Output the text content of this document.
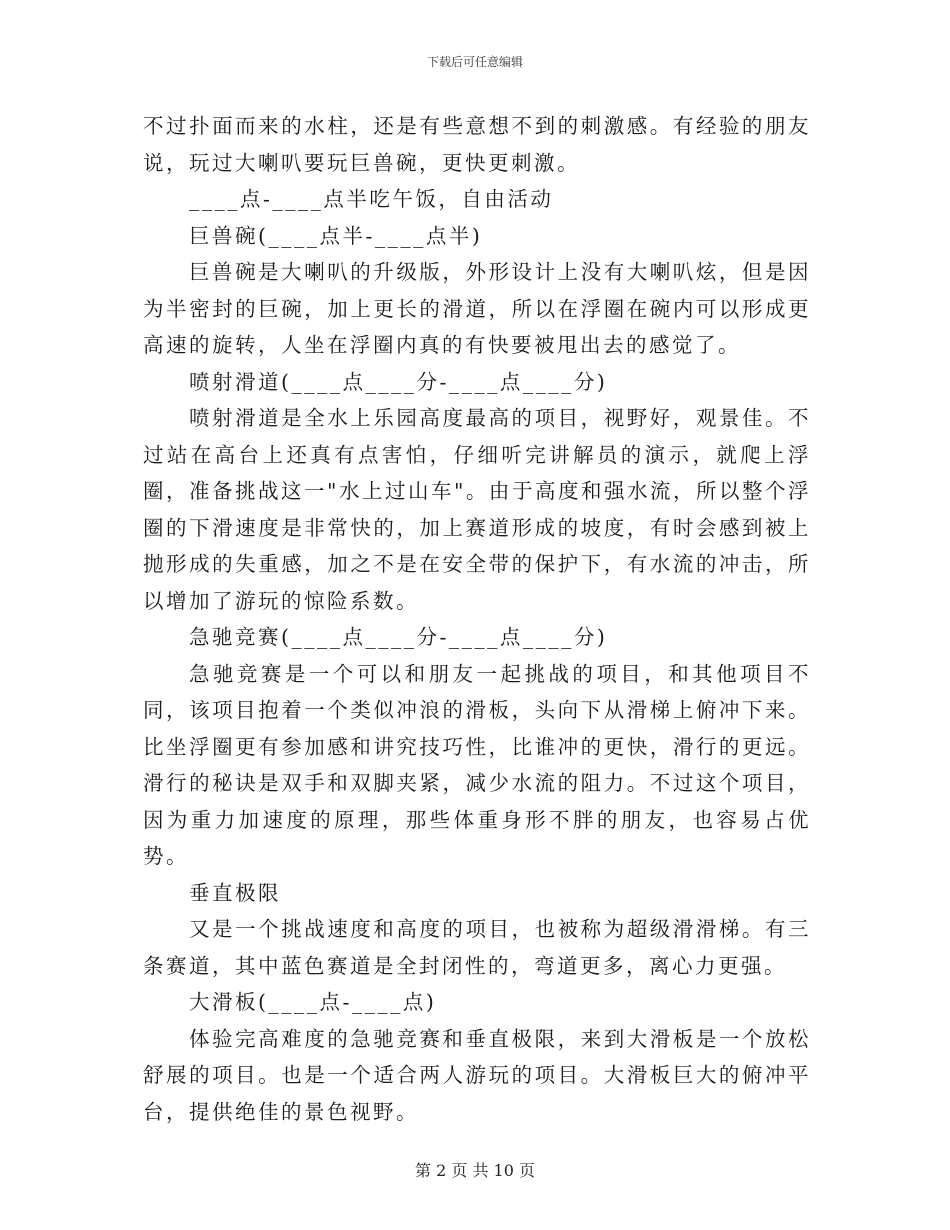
下载后可任意编辑

不过扑面而来的水柱，还是有些意想不到的刺激感。有经验的朋友说，玩过大喇叭要玩巨兽碗，更快更刺激。

____点-____点半吃午饭，自由活动

巨兽碗(____点半-____点半)

巨兽碗是大喇叭的升级版，外形设计上没有大喇叭炫，但是因为半密封的巨碗，加上更长的滑道，所以在浮圈在碗内可以形成更高速的旋转，人坐在浮圈内真的有快要被甩出去的感觉了。

喷射滑道(____点____分-____点____分)

喷射滑道是全水上乐园高度最高的项目，视野好，观景佳。不过站在高台上还真有点害怕，仔细听完讲解员的演示，就爬上浮圈，准备挑战这一"水上过山车"。由于高度和强水流，所以整个浮圈的下滑速度是非常快的，加上赛道形成的坡度，有时会感到被上抛形成的失重感，加之不是在安全带的保护下，有水流的冲击，所以增加了游玩的惊险系数。

急驰竞赛(____点____分-____点____分)

急驰竞赛是一个可以和朋友一起挑战的项目，和其他项目不同，该项目抱着一个类似冲浪的滑板，头向下从滑梯上俯冲下来。比坐浮圈更有参加感和讲究技巧性，比谁冲的更快，滑行的更远。滑行的秘诀是双手和双脚夹紧，减少水流的阻力。不过这个项目，因为重力加速度的原理，那些体重身形不胖的朋友，也容易占优势。

垂直极限

又是一个挑战速度和高度的项目，也被称为超级滑滑梯。有三条赛道，其中蓝色赛道是全封闭性的，弯道更多，离心力更强。

大滑板(____点-____点)

体验完高难度的急驰竞赛和垂直极限，来到大滑板是一个放松舒展的项目。也是一个适合两人游玩的项目。大滑板巨大的俯冲平台，提供绝佳的景色视野。

第 2 页 共 10 页
